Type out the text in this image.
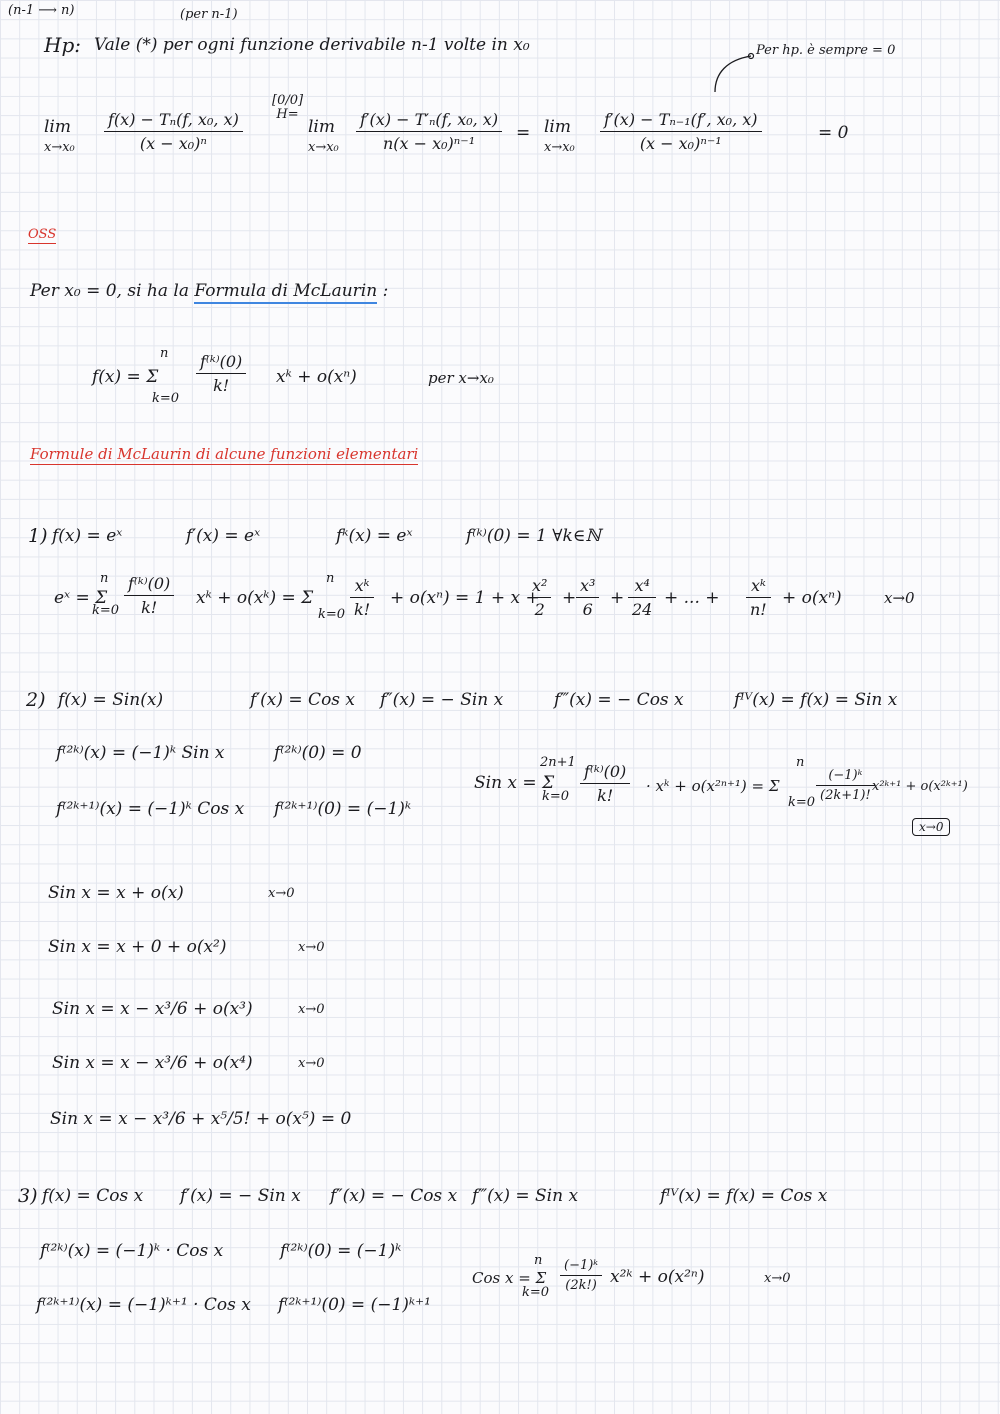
(n-1 ⟶ n)	(per n-1)
Hp: Vale (*) per ogni funzione derivabile n-1 volte in x₀	Per hp. è sempre = 0
lim
$x\to x_0 \frac{\text{f(x) − Tₙ(f, x₀, x)}}{\text{(x − x₀)ⁿ}}$
[0/0]
H=
lim
$x\to x_0 \frac{\text{f′(x) − T′ₙ(f, x₀, x)}}{\text{n(x − x₀)ⁿ⁻¹}} = \lim$
$x\to x_0 \frac{\text{f′(x) − Tₙ₋₁(f′, x₀, x)}}{\text{(x − x₀)ⁿ⁻¹}}$	= 0
OSS
Per x₀ = 0, si ha la Formula di McLaurin :
f(x) = Σ
n
k=0
$\frac{\text{f⁽ᵏ⁾(0)}}{k!}$ xᵏ + o(xⁿ)	per x→x₀
Formule di McLaurin di alcune funzioni elementari
1) f(x) = eˣ	f′(x) = eˣ	fᵏ(x) = eˣ	f⁽ᵏ⁾(0) = 1 ∀k∈ℕ
eˣ = Σ
n
$k=0 \frac{\text{f⁽ᵏ⁾(0)}}{k!}$ xᵏ + o(xᵏ) = Σ
n
$k=0 \frac{\text{xᵏ}}{k!} + o(x^n) = 1 + x$ +
$\frac{\text{x²}}{2} + \frac{\text{x³}}{6} + \frac{\text{x⁴}}{24}$ + ... + $\frac{\text{xᵏ}}{n!} + o(x^n)$	x→0
2) f(x) = Sin(x)	f′(x) = Cos x f″(x) = − Sin x	f‴(x) = − Cos x	fᴵⱽ(x) = f(x) = Sin x
f⁽²ᵏ⁾(x) = (−1)ᵏ Sin x	f⁽²ᵏ⁾(0) = 0
f⁽²ᵏ⁺¹⁾(x) = (−1)ᵏ Cos x f⁽²ᵏ⁺¹⁾(0) = (−1)ᵏ
Sin x = Σ
2n+1
$k=0 \frac{\text{f⁽ᵏ⁾(0)}}{k!}$ · xᵏ + o(x²ⁿ⁺¹) = Σ
n
$k=0 \frac{\text{(−1)ᵏ}}{(2k+1)!}$
x²ᵏ⁺¹ + o(x²ᵏ⁺¹)
x→0
Sin x = x + o(x)	x→0
Sin x = x + 0 + o(x²)	x→0
Sin x = x − x³/6 + o(x³)	x→0
Sin x = x − x³/6 + o(x⁴)	x→0
Sin x = x − x³/6 + x⁵/5! + o(x⁵) = 0
3) f(x) = Cos x f′(x) = − Sin x f″(x) = − Cos x f‴(x) = Sin x	fᴵⱽ(x) = f(x) = Cos x
f⁽²ᵏ⁾(x) = (−1)ᵏ · Cos x	f⁽²ᵏ⁾(0) = (−1)ᵏ
f⁽²ᵏ⁺¹⁾(x) = (−1)ᵏ⁺¹ · Cos x f⁽²ᵏ⁺¹⁾(0) = (−1)ᵏ⁺¹
Cos x = Σ
n
$k=0 \frac{\text{(−1)ᵏ}}{(2k!)}$ x²ᵏ + o(x²ⁿ)	x→0
